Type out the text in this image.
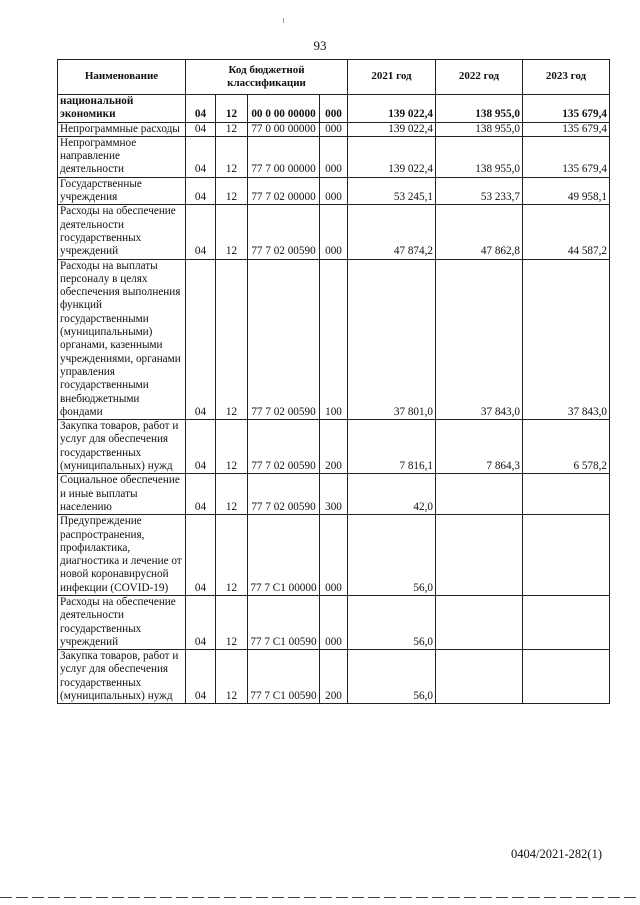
93
Наименование	Код бюджетной классификации				2021 год	2022 год	2023 год
национальной экономики	04	12	00 0 00 00000	000	139 022,4	138 955,0	135 679,4
Непрограммные расходы	04	12	77 0 00 00000	000	139 022,4	138 955,0	135 679,4
Непрограммное направление деятельности	04	12	77 7 00 00000	000	139 022,4	138 955,0	135 679,4
Государственные учреждения	04	12	77 7 02 00000	000	53 245,1	53 233,7	49 958,1
Расходы на обеспечение деятельности государственных учреждений	04	12	77 7 02 00590	000	47 874,2	47 862,8	44 587,2
Расходы на выплаты персоналу в целях обеспечения выполнения функций государственными (муниципальными) органами, казенными учреждениями, органами управления государственными внебюджетными фондами	04	12	77 7 02 00590	100	37 801,0	37 843,0	37 843,0
Закупка товаров, работ и услуг для обеспечения государственных (муниципальных) нужд	04	12	77 7 02 00590	200	7 816,1	7 864,3	6 578,2
Социальное обеспечение и иные выплаты населению	04	12	77 7 02 00590	300	42,0		
Предупреждение распространения, профилактика, диагностика и лечение от новой коронавирусной инфекции (COVID-19)	04	12	77 7 C1 00000	000	56,0		
Расходы на обеспечение деятельности государственных учреждений	04	12	77 7 C1 00590	000	56,0		
Закупка товаров, работ и услуг для обеспечения государственных (муниципальных) нужд	04	12	77 7 C1 00590	200	56,0		
0404/2021-282(1)
